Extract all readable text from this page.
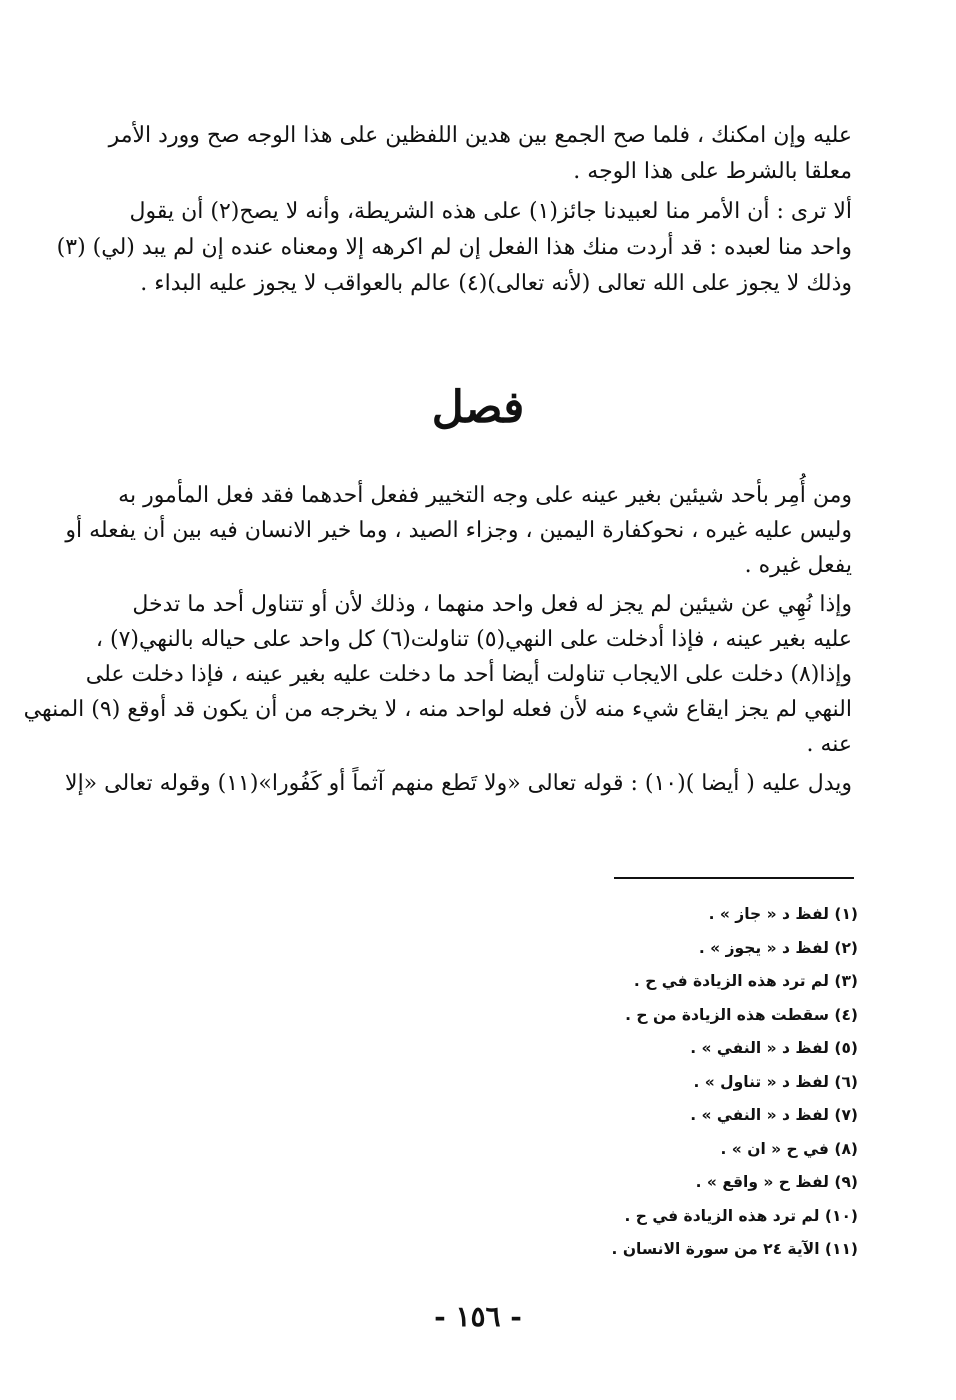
عليه وإن امكنك ، فلما صح الجمع بين هدين اللفظين على هذا الوجه صح وورد الأمر
معلقا بالشرط على هذا الوجه .
ألا ترى : أن الأمر منا لعبيدنا جائز(١) على هذه الشريطة، وأنه لا يصح(٢) أن يقول
واحد منا لعبده : قد أردت منك هذا الفعل إن لم اكرهه إلا ومعناه عنده إن لم يبد (لي) (٣)
وذلك لا يجوز على الله تعالى (لأنه تعالى)(٤) عالم بالعواقب لا يجوز عليه البداء .
فصل
ومن أُمِر بأحد شيئين بغير عينه على وجه التخيير ففعل أحدهما فقد فعل المأمور به
وليس عليه غيره ، نحوكفارة اليمين ، وجزاء الصيد ، وما خير الانسان فيه بين أن يفعله أو
يفعل غيره .
وإذا نُهِي عن شيئين لم يجز له فعل واحد منهما ، وذلك لأن أو تتناول أحد ما تدخل
عليه بغير عينه ، فإذا أدخلت على النهي(٥) تناولت(٦) كل واحد على حياله بالنهي(٧) ،
وإذا(٨) دخلت على الايجاب تناولت أيضا أحد ما دخلت عليه بغير عينه ، فإذا دخلت على
النهي لم يجز ايقاع شيء منه لأن فعله لواحد منه ، لا يخرجه من أن يكون قد أوقع (٩) المنهي
عنه .
ويدل عليه ( أيضا )(١٠) : قوله تعالى «ولا تَطع منهم آثماً أو كَفُورا»(١١) وقوله تعالى «إلا
(١) لفظ د « جاز » .
(٢) لفظ د « يجوز » .
(٣) لم ترد هذه الزيادة في ح .
(٤) سقطت هذه الزيادة من ح .
(٥) لفظ د « النفي » .
(٦) لفظ د « تناول » .
(٧) لفظ د « النفي » .
(٨) في ح « ان » .
(٩) لفظ ح « واقع » .
(١٠) لم ترد هذه الزيادة في ح .
(١١) الآية ٢٤ من سورة الانسان .
- ١٥٦ -
